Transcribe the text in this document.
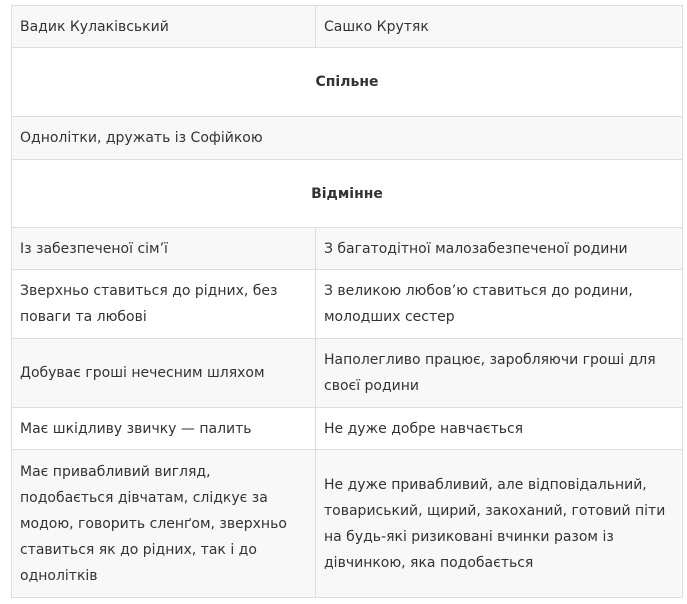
Вадик Кулаківський	Сашко Крутяк
Спільне	
Однолітки, дружать із Софійкою	
Відмінне	
Із забезпеченої сім’ї	З багатодітної малозабезпеченої родини
Зверхньо ставиться до рідних, без поваги та любові	З великою любов’ю ставиться до родини, молодших сестер
Добуває гроші нечесним шляхом	Наполегливо працює, заробляючи гроші для своєї родини
Має шкідливу звичку — палить	Не дуже добре навчається
Має привабливий вигляд, подобається дівчатам, слідкує за модою, говорить сленґом, зверхньо ставиться як до рідних, так і до однолітків	Не дуже привабливий, але відповідальний, товариський, щирий, закоханий, готовий піти на будь-які ризиковані вчинки разом із дівчинкою, яка подобається
